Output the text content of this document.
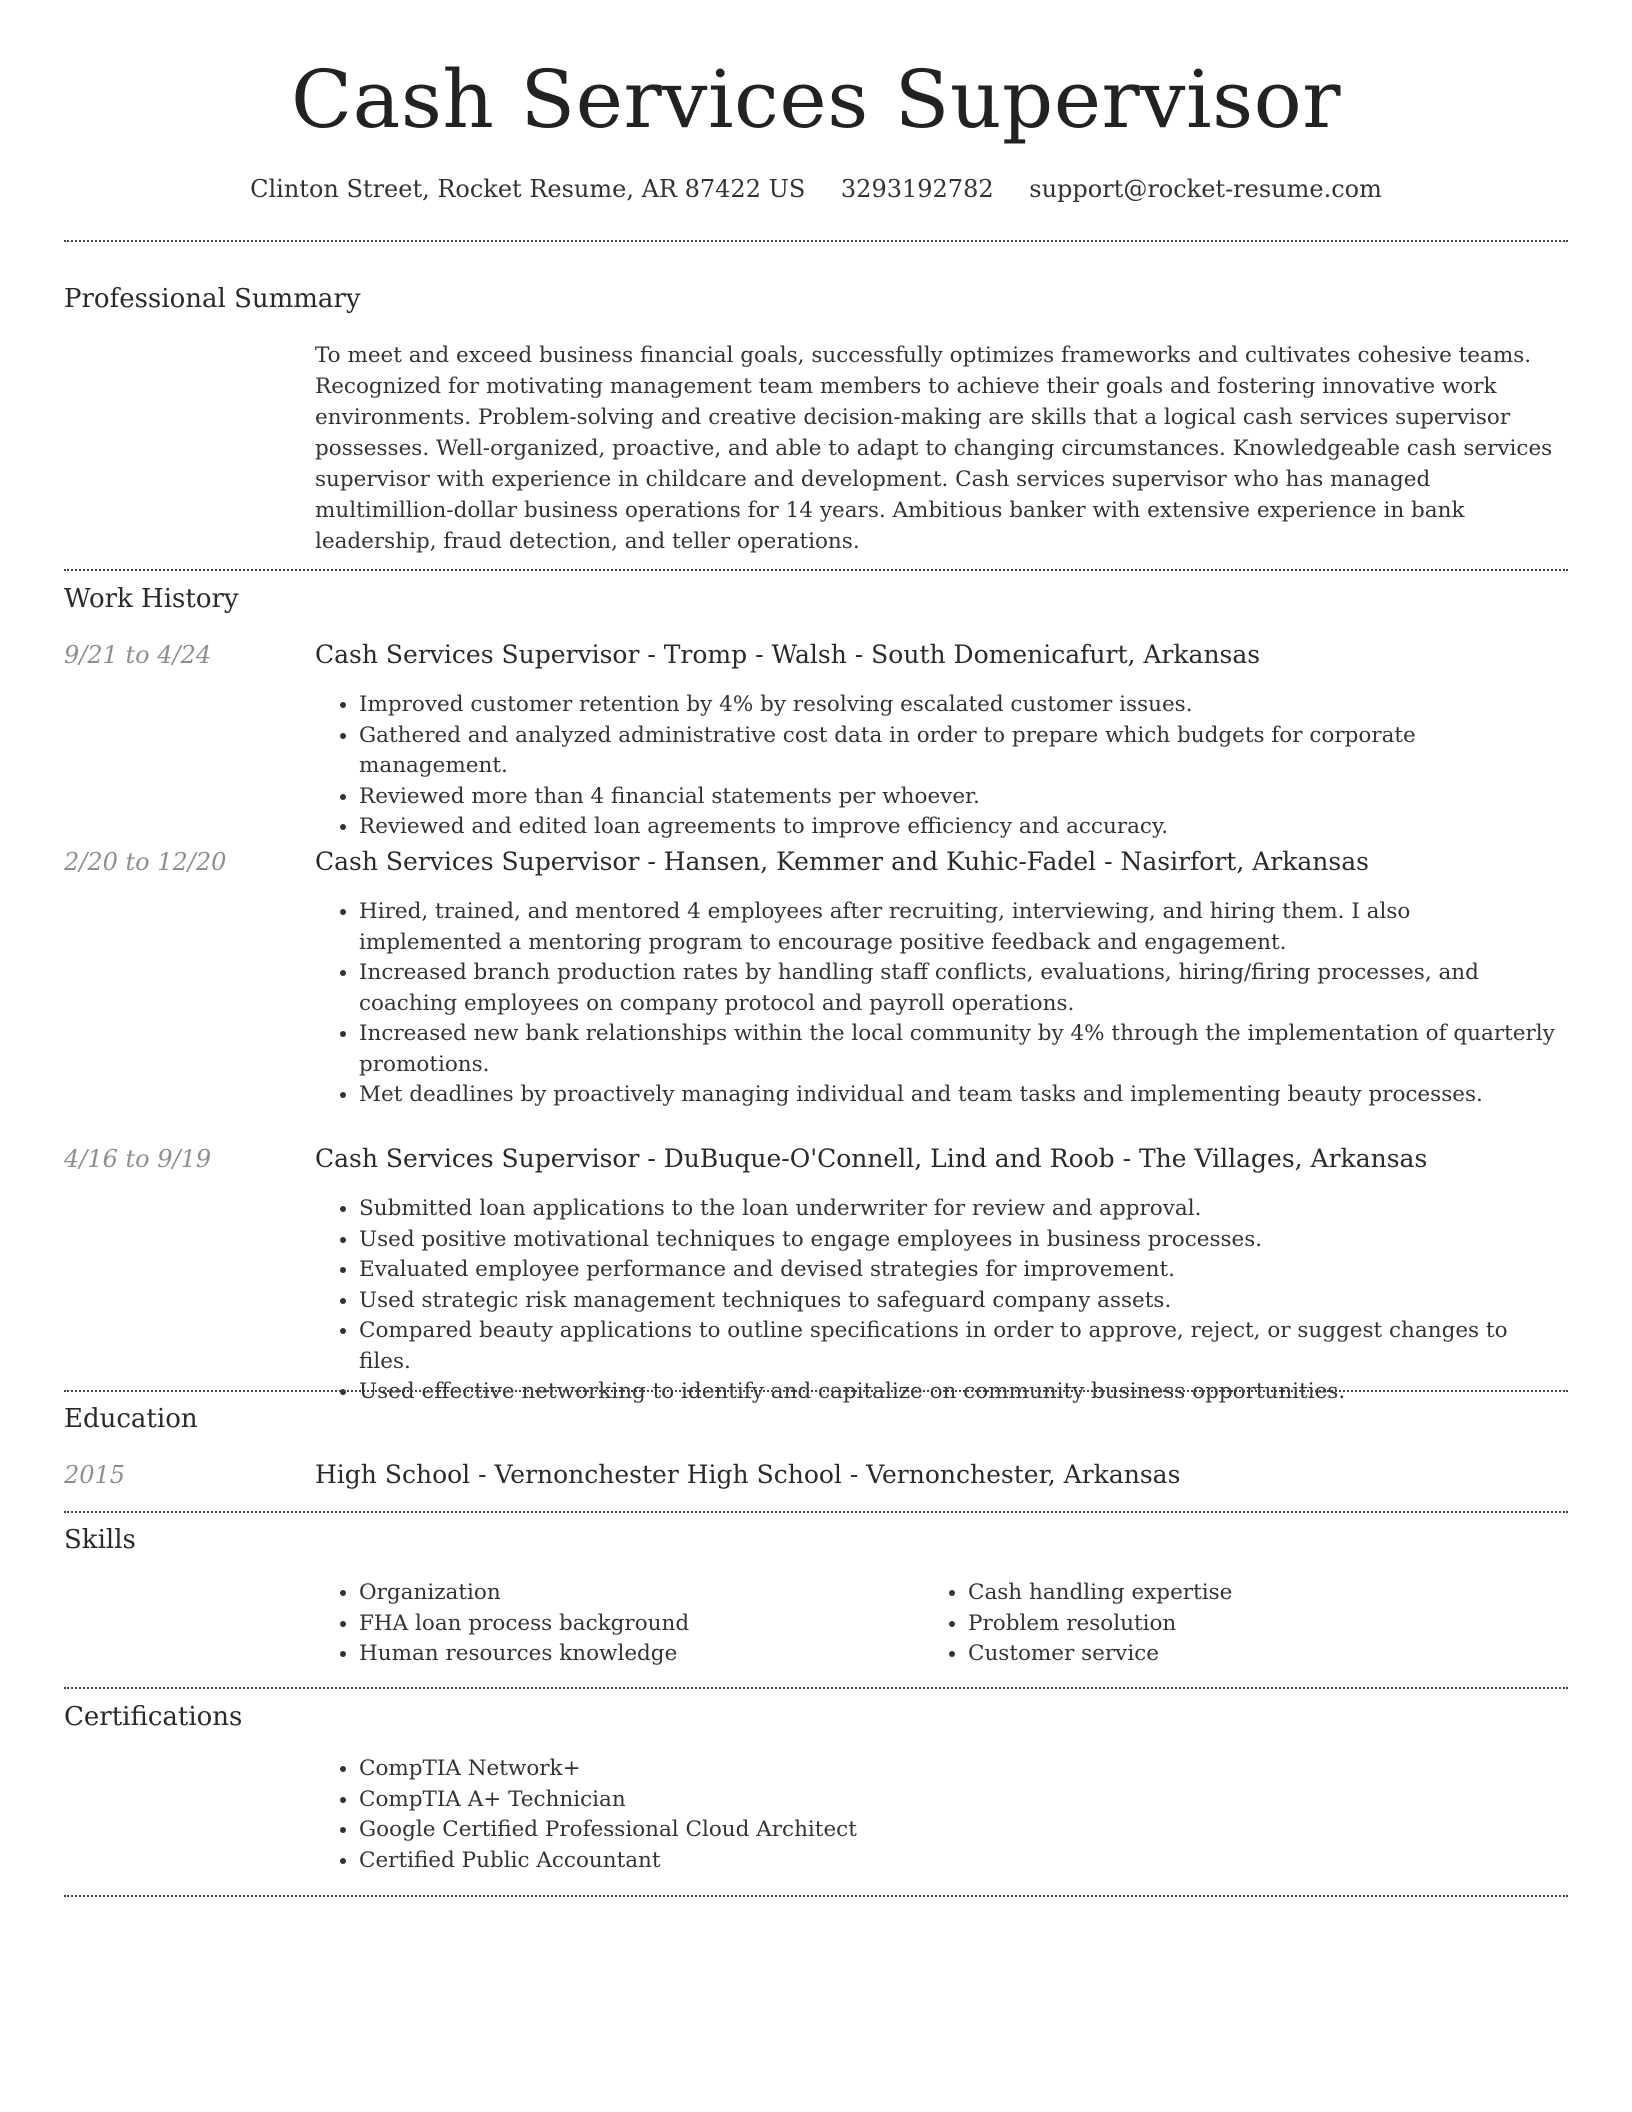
Cash Services Supervisor
Clinton Street, Rocket Resume, AR 87422 US 3293192782 support@rocket-resume.com
Professional Summary
To meet and exceed business financial goals, successfully optimizes frameworks and cultivates cohesive teams. Recognized for motivating management team members to achieve their goals and fostering innovative work environments. Problem-solving and creative decision-making are skills that a logical cash services supervisor possesses. Well-organized, proactive, and able to adapt to changing circumstances. Knowledgeable cash services supervisor with experience in childcare and development. Cash services supervisor who has managed multimillion-dollar business operations for 14 years. Ambitious banker with extensive experience in bank leadership, fraud detection, and teller operations.
Work History
9/21 to 4/24	Cash Services Supervisor - Tromp - Walsh - South Domenicafurt, Arkansas
• Improved customer retention by 4% by resolving escalated customer issues.
• Gathered and analyzed administrative cost data in order to prepare which budgets for corporate management.
• Reviewed more than 4 financial statements per whoever.
• Reviewed and edited loan agreements to improve efficiency and accuracy.
2/20 to 12/20	Cash Services Supervisor - Hansen, Kemmer and Kuhic-Fadel - Nasirfort, Arkansas
• Hired, trained, and mentored 4 employees after recruiting, interviewing, and hiring them. I also implemented a mentoring program to encourage positive feedback and engagement.
• Increased branch production rates by handling staff conflicts, evaluations, hiring/firing processes, and coaching employees on company protocol and payroll operations.
• Increased new bank relationships within the local community by 4% through the implementation of quarterly promotions.
• Met deadlines by proactively managing individual and team tasks and implementing beauty processes.
4/16 to 9/19	Cash Services Supervisor - DuBuque-O'Connell, Lind and Roob - The Villages, Arkansas
• Submitted loan applications to the loan underwriter for review and approval.
• Used positive motivational techniques to engage employees in business processes.
• Evaluated employee performance and devised strategies for improvement.
• Used strategic risk management techniques to safeguard company assets.
• Compared beauty applications to outline specifications in order to approve, reject, or suggest changes to files.
• Used effective networking to identify and capitalize on community business opportunities.
Education
2015	High School - Vernonchester High School - Vernonchester, Arkansas
Skills
• Organization
• FHA loan process background
• Human resources knowledge
• Cash handling expertise
• Problem resolution
• Customer service
Certifications
• CompTIA Network+
• CompTIA A+ Technician
• Google Certified Professional Cloud Architect
• Certified Public Accountant
